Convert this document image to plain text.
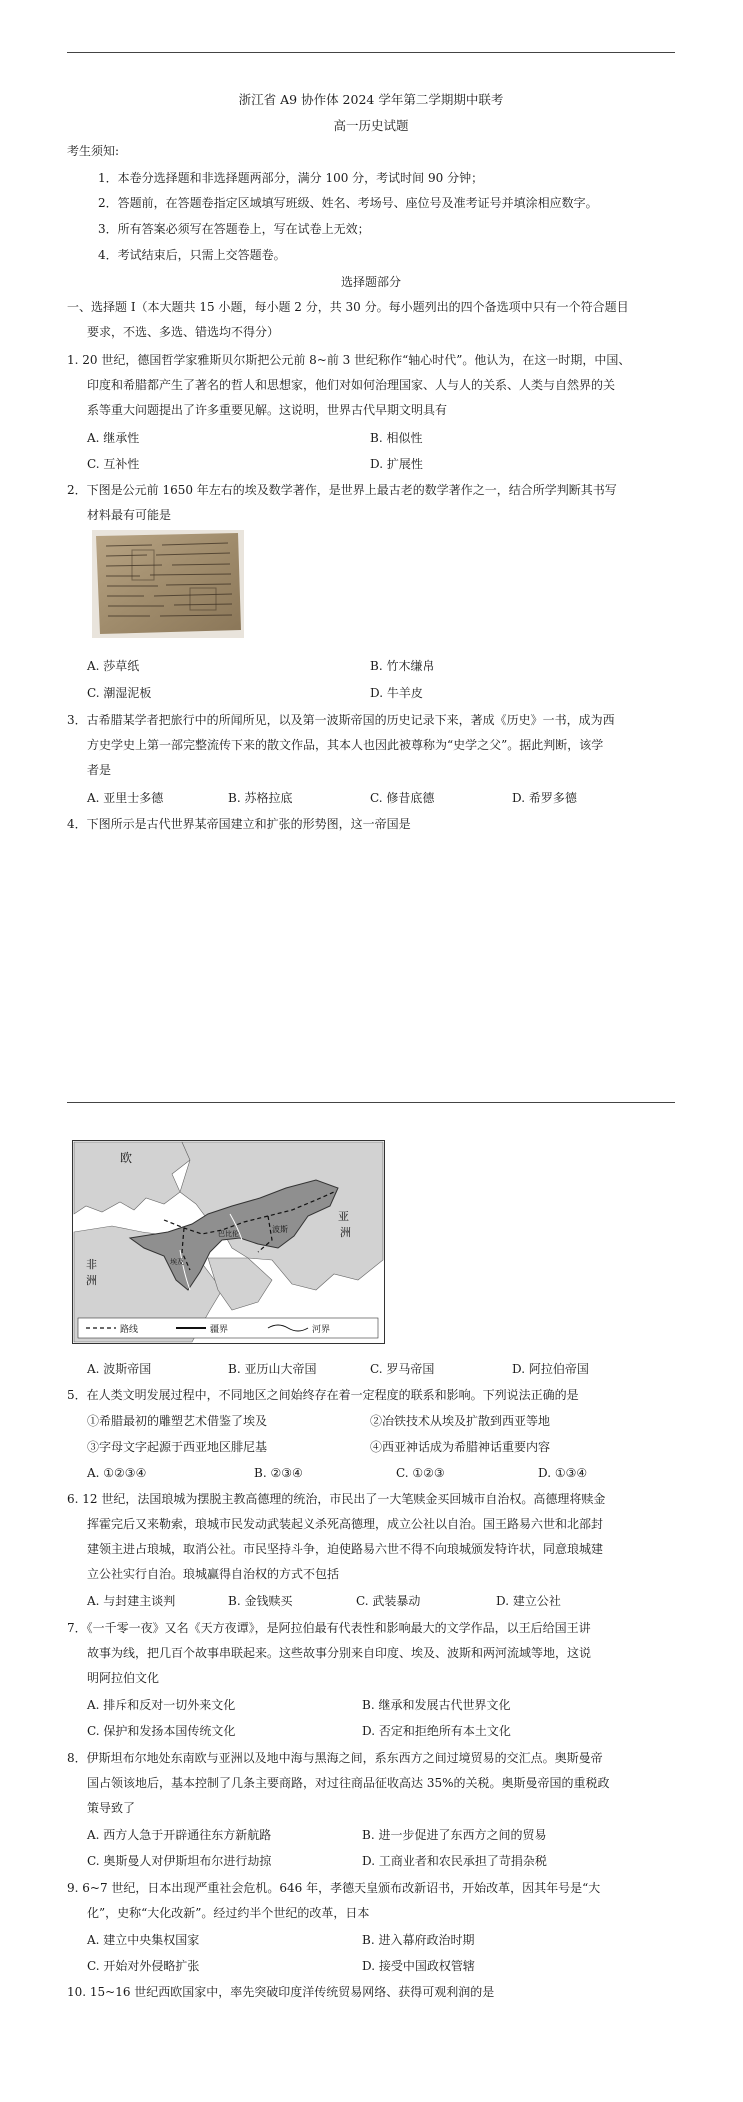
浙江省 A9 协作体 2024 学年第二学期期中联考
高一历史试题
考生须知:
1．本卷分选择题和非选择题两部分，满分 100 分，考试时间 90 分钟；
2．答题前，在答题卷指定区域填写班级、姓名、考场号、座位号及准考证号并填涂相应数字。
3．所有答案必须写在答题卷上，写在试卷上无效；
4．考试结束后，只需上交答题卷。
选择题部分
一、选择题 I（本大题共 15 小题，每小题 2 分，共 30 分。每小题列出的四个备选项中只有一个符合题目
要求，不选、多选、错选均不得分）
1. 20 世纪，德国哲学家雅斯贝尔斯把公元前 8~前 3 世纪称作“轴心时代”。他认为，在这一时期，中国、
印度和希腊都产生了著名的哲人和思想家，他们对如何治理国家、人与人的关系、人类与自然界的关
系等重大问题提出了许多重要见解。这说明，世界古代早期文明具有
A. 继承性	B. 相似性
C. 互补性	D. 扩展性
2．下图是公元前 1650 年左右的埃及数学著作，是世界上最古老的数学著作之一，结合所学判断其书写
材料最有可能是
A. 莎草纸	B. 竹木缣帛
C. 潮湿泥板	D. 牛羊皮
3．古希腊某学者把旅行中的所闻所见，以及第一波斯帝国的历史记录下来，著成《历史》一书，成为西
方史学史上第一部完整流传下来的散文作品，其本人也因此被尊称为“史学之父”。据此判断，该学
者是
A. 亚里士多德	B. 苏格拉底	C. 修昔底德	D. 希罗多德
4．下图所示是古代世界某帝国建立和扩张的形势图，这一帝国是
欧
亚
洲
非
洲
波斯
巴比伦
埃及
路线	疆界	河界
A. 波斯帝国	B. 亚历山大帝国	C. 罗马帝国	D. 阿拉伯帝国
5．在人类文明发展过程中，不同地区之间始终存在着一定程度的联系和影响。下列说法正确的是
①希腊最初的雕塑艺术借鉴了埃及	②冶铁技术从埃及扩散到西亚等地
③字母文字起源于西亚地区腓尼基	④西亚神话成为希腊神话重要内容
A. ①②③④	B. ②③④	C. ①②③	D. ①③④
6. 12 世纪，法国琅城为摆脱主教高德理的统治，市民出了一大笔赎金买回城市自治权。高德理将赎金
挥霍完后又来勒索，琅城市民发动武装起义杀死高德理，成立公社以自治。国王路易六世和北部封
建领主进占琅城，取消公社。市民坚持斗争，迫使路易六世不得不向琅城颁发特许状，同意琅城建
立公社实行自治。琅城赢得自治权的方式不包括
A. 与封建主谈判	B. 金钱赎买	C. 武装暴动	D. 建立公社
7．《一千零一夜》又名《天方夜谭》，是阿拉伯最有代表性和影响最大的文学作品，以王后给国王讲
故事为线，把几百个故事串联起来。这些故事分别来自印度、埃及、波斯和两河流域等地，这说
明阿拉伯文化
A. 排斥和反对一切外来文化	B. 继承和发展古代世界文化
C. 保护和发扬本国传统文化	D. 否定和拒绝所有本土文化
8．伊斯坦布尔地处东南欧与亚洲以及地中海与黑海之间，系东西方之间过境贸易的交汇点。奥斯曼帝
国占领该地后，基本控制了几条主要商路，对过往商品征收高达 35%的关税。奥斯曼帝国的重税政
策导致了
A. 西方人急于开辟通往东方新航路	B. 进一步促进了东西方之间的贸易
C. 奥斯曼人对伊斯坦布尔进行劫掠	D. 工商业者和农民承担了苛捐杂税
9. 6~7 世纪，日本出现严重社会危机。646 年，孝德天皇颁布改新诏书，开始改革，因其年号是“大
化”，史称“大化改新”。经过约半个世纪的改革，日本
A. 建立中央集权国家	B. 进入幕府政治时期
C. 开始对外侵略扩张	D. 接受中国政权管辖
10. 15~16 世纪西欧国家中，率先突破印度洋传统贸易网络、获得可观利润的是
